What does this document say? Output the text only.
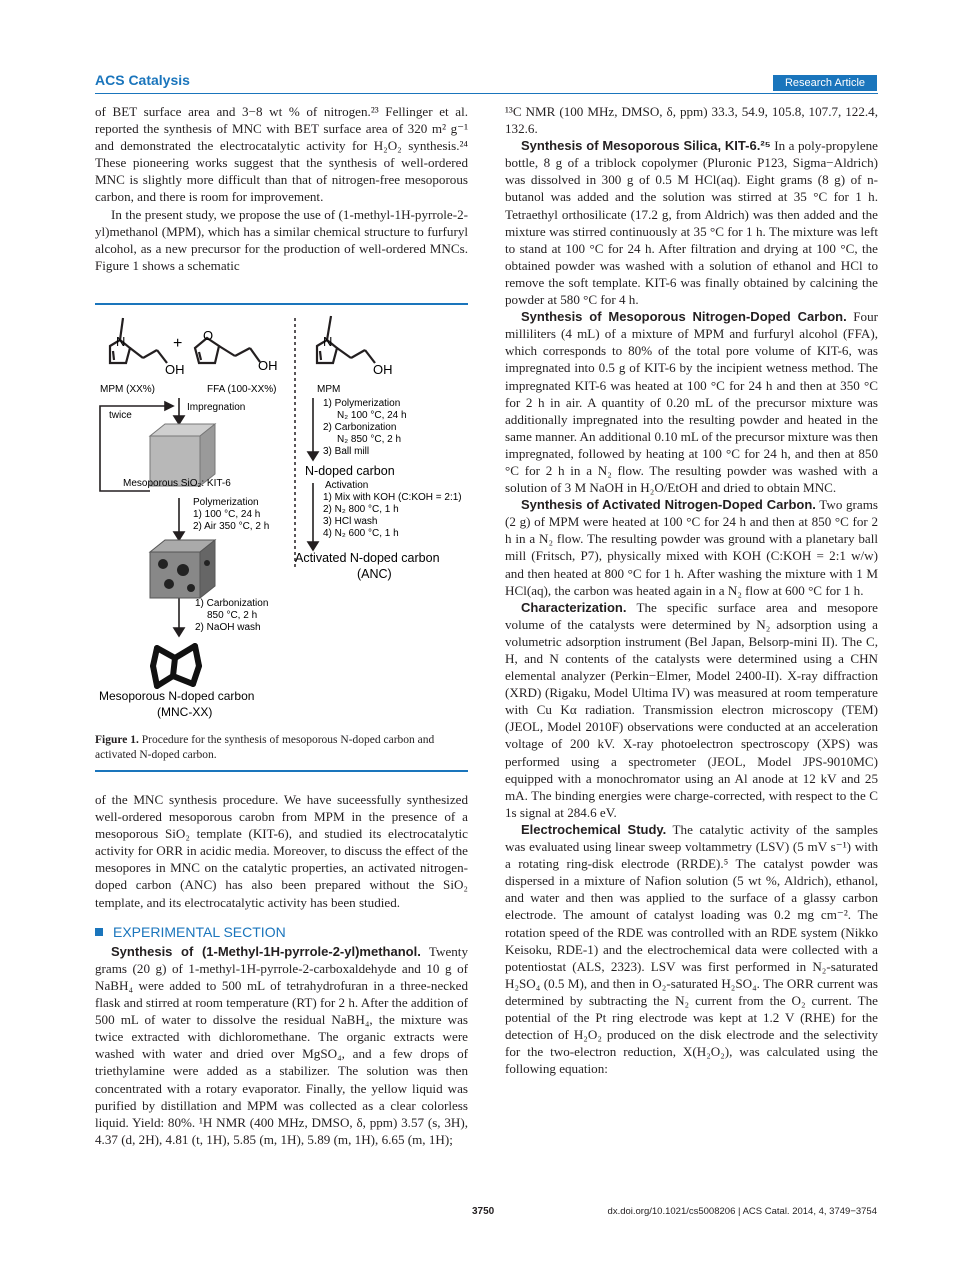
ACS Catalysis	Research Article

of BET surface area and 3−8 wt % of nitrogen.²³ Fellinger et al. reported the synthesis of MNC with BET surface area of 320 m² g⁻¹ and demonstrated the electrocatalytic activity for H₂O₂ synthesis.²⁴ These pioneering works suggest that the synthesis of well-ordered MNC is slightly more difficult than that of nitrogen-free mesoporous carbon, and there is room for improvement.

In the present study, we propose the use of (1-methyl-1H-pyrrole-2-yl)methanol (MPM), which has a similar chemical structure to furfuryl alcohol, as a new precursor for the production of well-ordered MNCs. Figure 1 shows a schematic

N
OH
+ O
OH
N
OH
MPM (XX%)	FFA (100-XX%)
Impregnation
twice
Mesoporous SiO₂: KIT-6
Polymerization
1) 100 °C, 24 h
2) Air 350 °C, 2 h
1) Carbonization
850 °C, 2 h
2) NaOH wash
Mesoporous N-doped carbon
(MNC-XX)
MPM
1) Polymerization
N₂ 100 °C, 24 h
2) Carbonization
N₂ 850 °C, 2 h
3) Ball mill
N-doped carbon
Activation
1) Mix with KOH (C:KOH = 2:1)
2) N₂ 800 °C, 1 h
3) HCl wash
4) N₂ 600 °C, 1 h
Activated N-doped carbon
(ANC)
Figure 1. Procedure for the synthesis of mesoporous N-doped carbon and activated N-doped carbon.

of the MNC synthesis procedure. We have suceessfully synthesized well-ordered mesoporous carobn from MPM in the presence of a mesoporous SiO₂ template (KIT-6), and studied its electrocatalytic activity for ORR in acidic media. Moreover, to discuss the effect of the mesopores in MNC on the catalytic properties, an activated nitrogen-doped carbon (ANC) has also been prepared without the SiO₂ template, and its electrocatalytic activity has been studied.

EXPERIMENTAL SECTION

Synthesis of (1-Methyl-1H-pyrrole-2-yl)methanol. Twenty grams (20 g) of 1-methyl-1H-pyrrole-2-carboxaldehyde and 10 g of NaBH₄ were added to 500 mL of tetrahydrofuran in a three-necked flask and stirred at room temperature (RT) for 2 h. After the addition of 500 mL of water to dissolve the residual NaBH₄, the mixture was twice extracted with dichloromethane. The organic extracts were washed with water and dried over MgSO₄, and a few drops of triethylamine were added as a stabilizer. The solution was then concentrated with a rotary evaporator. Finally, the yellow liquid was purified by distillation and MPM was collected as a clear colorless liquid. Yield: 80%. ¹H NMR (400 MHz, DMSO, δ, ppm) 3.57 (s, 3H), 4.37 (d, 2H), 4.81 (t, 1H), 5.85 (m, 1H), 5.89 (m, 1H), 6.65 (m, 1H);

¹³C NMR (100 MHz, DMSO, δ, ppm) 33.3, 54.9, 105.8, 107.7, 122.4, 132.6.

Synthesis of Mesoporous Silica, KIT-6.²⁵ In a poly-propylene bottle, 8 g of a triblock copolymer (Pluronic P123, Sigma−Aldrich) was dissolved in 300 g of 0.5 M HCl(aq). Eight grams (8 g) of n-butanol was added and the solution was stirred at 35 °C for 1 h. Tetraethyl orthosilicate (17.2 g, from Aldrich) was then added and the mixture was stirred continuously at 35 °C for 1 h. The mixture was left to stand at 100 °C for 24 h. After filtration and drying at 100 °C, the obtained powder was washed with a solution of ethanol and HCl to remove the soft template. KIT-6 was finally obtained by calcining the powder at 580 °C for 4 h.

Synthesis of Mesoporous Nitrogen-Doped Carbon. Four milliliters (4 mL) of a mixture of MPM and furfuryl alcohol (FFA), which corresponds to 80% of the total pore volume of KIT-6, was impregnated into 0.5 g of KIT-6 by the incipient wetness method. The impregnated KIT-6 was heated at 100 °C for 24 h and then at 350 °C for 2 h in air. A quantity of 0.20 mL of the precursor mixture was additionally impregnated into the resulting powder and heated in the same manner. An additional 0.10 mL of the precursor mixture was then impregnated, followed by heating at 100 °C for 24 h, and then at 850 °C for 2 h in a N₂ flow. The resulting powder was washed with a solution of 3 M NaOH in H₂O/EtOH and dried to obtain MNC.

Synthesis of Activated Nitrogen-Doped Carbon. Two grams (2 g) of MPM were heated at 100 °C for 24 h and then at 850 °C for 2 h in a N₂ flow. The resulting powder was ground with a planetary ball mill (Fritsch, P7), physically mixed with KOH (C:KOH = 2:1 w/w) and then heated at 800 °C for 1 h. After washing the mixture with 1 M HCl(aq), the carbon was heated again in a N₂ flow at 600 °C for 1 h.

Characterization. The specific surface area and mesopore volume of the catalysts were determined by N₂ adsorption using a volumetric adsorption instrument (Bel Japan, Belsorp-mini II). The C, H, and N contents of the catalysts were determined using a CHN elemental analyzer (Perkin−Elmer, Model 2400-II). X-ray diffraction (XRD) (Rigaku, Model Ultima IV) was measured at room temperature with Cu Kα radiation. Transmission electron microscopy (TEM) (JEOL, Model 2010F) observations were conducted at an acceleration voltage of 200 kV. X-ray photoelectron spectroscopy (XPS) was performed using a spectrometer (JEOL, Model JPS-9010MC) equipped with a monochromator using an Al anode at 12 kV and 25 mA. The binding energies were charge-corrected, with respect to the C 1s signal at 284.6 eV.

Electrochemical Study. The catalytic activity of the samples was evaluated using linear sweep voltammetry (LSV) (5 mV s⁻¹) with a rotating ring-disk electrode (RRDE).⁵ The catalyst powder was dispersed in a mixture of Nafion solution (5 wt %, Aldrich), ethanol, and water and then was applied to the surface of a glassy carbon electrode. The amount of catalyst loading was 0.2 mg cm⁻². The rotation speed of the RDE was controlled with an RDE system (Nikko Keisoku, RDE-1) and the electrochemical data were collected with a potentiostat (ALS, 2323). LSV was first performed in N₂-saturated H₂SO₄ (0.5 M), and then in O₂-saturated H₂SO₄. The ORR current was determined by subtracting the N₂ current from the O₂ current. The potential of the Pt ring electrode was kept at 1.2 V (RHE) for the detection of H₂O₂ produced on the disk electrode and the selectivity for the two-electron reduction, X(H₂O₂), was calculated using the following equation:

3750	dx.doi.org/10.1021/cs5008206 | ACS Catal. 2014, 4, 3749−3754
